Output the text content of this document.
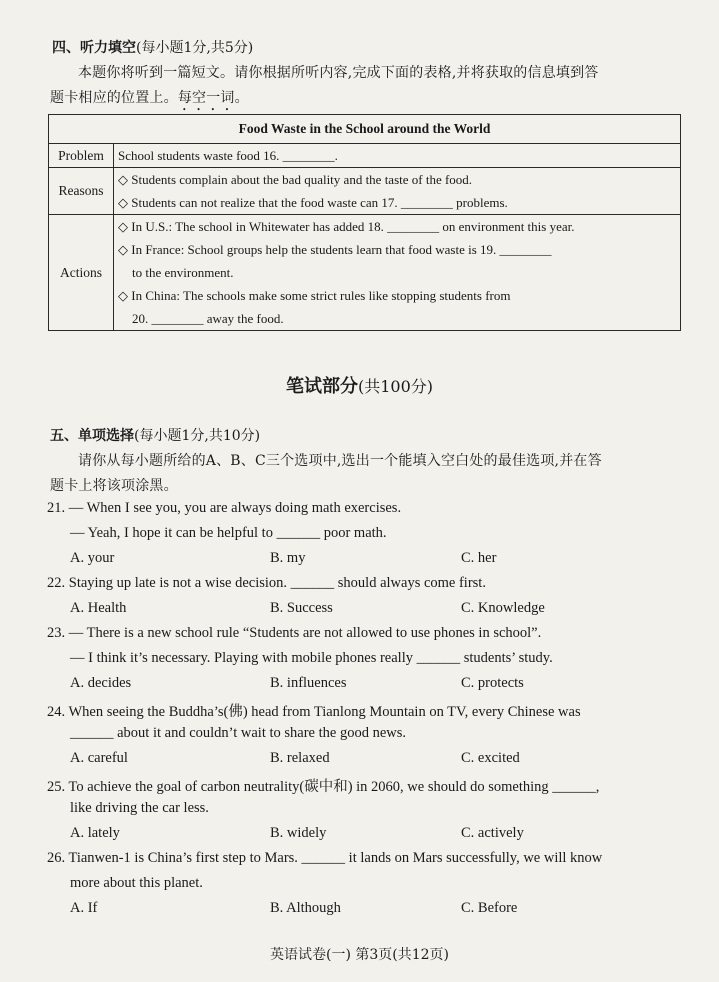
四、听力填空(每小题1分,共5分)
本题你将听到一篇短文。请你根据所听内容,完成下面的表格,并将获取的信息填到答
题卡相应的位置上。每空一词。
Food Waste in the School around the World	
Problem	School students waste food 16. ________.

Reasons	◇ Students complain about the bad quality and the taste of the food.
◇ Students can not realize that the food waste can 17. ________ problems.

Actions	◇ In U.S.: The school in Whitewater has added 18. ________ on environment this year.
◇ In France: School groups help the students learn that food waste is 19. ________
to the environment.
◇ In China: The schools make some strict rules like stopping students from
20. ________ away the food.
笔试部分(共100分)
五、单项选择(每小题1分,共10分)
请你从每小题所给的A、B、C三个选项中,选出一个能填入空白处的最佳选项,并在答
题卡上将该项涂黑。
21. — When I see you, you are always doing math exercises.
— Yeah, I hope it can be helpful to ______ poor math.
A. your	B. my	C. her
22. Staying up late is not a wise decision. ______ should always come first.
A. Health	B. Success	C. Knowledge
23. — There is a new school rule “Students are not allowed to use phones in school”.
— I think it’s necessary. Playing with mobile phones really ______ students’ study.
A. decides	B. influences	C. protects
24. When seeing the Buddha’s(佛) head from Tianlong Mountain on TV, every Chinese was
______ about it and couldn’t wait to share the good news.
A. careful	B. relaxed	C. excited
25. To achieve the goal of carbon neutrality(碳中和) in 2060, we should do something ______,
like driving the car less.
A. lately	B. widely	C. actively
26. Tianwen-1 is China’s first step to Mars. ______ it lands on Mars successfully, we will know
more about this planet.
A. If	B. Although	C. Before
英语试卷(一) 第3页(共12页)
